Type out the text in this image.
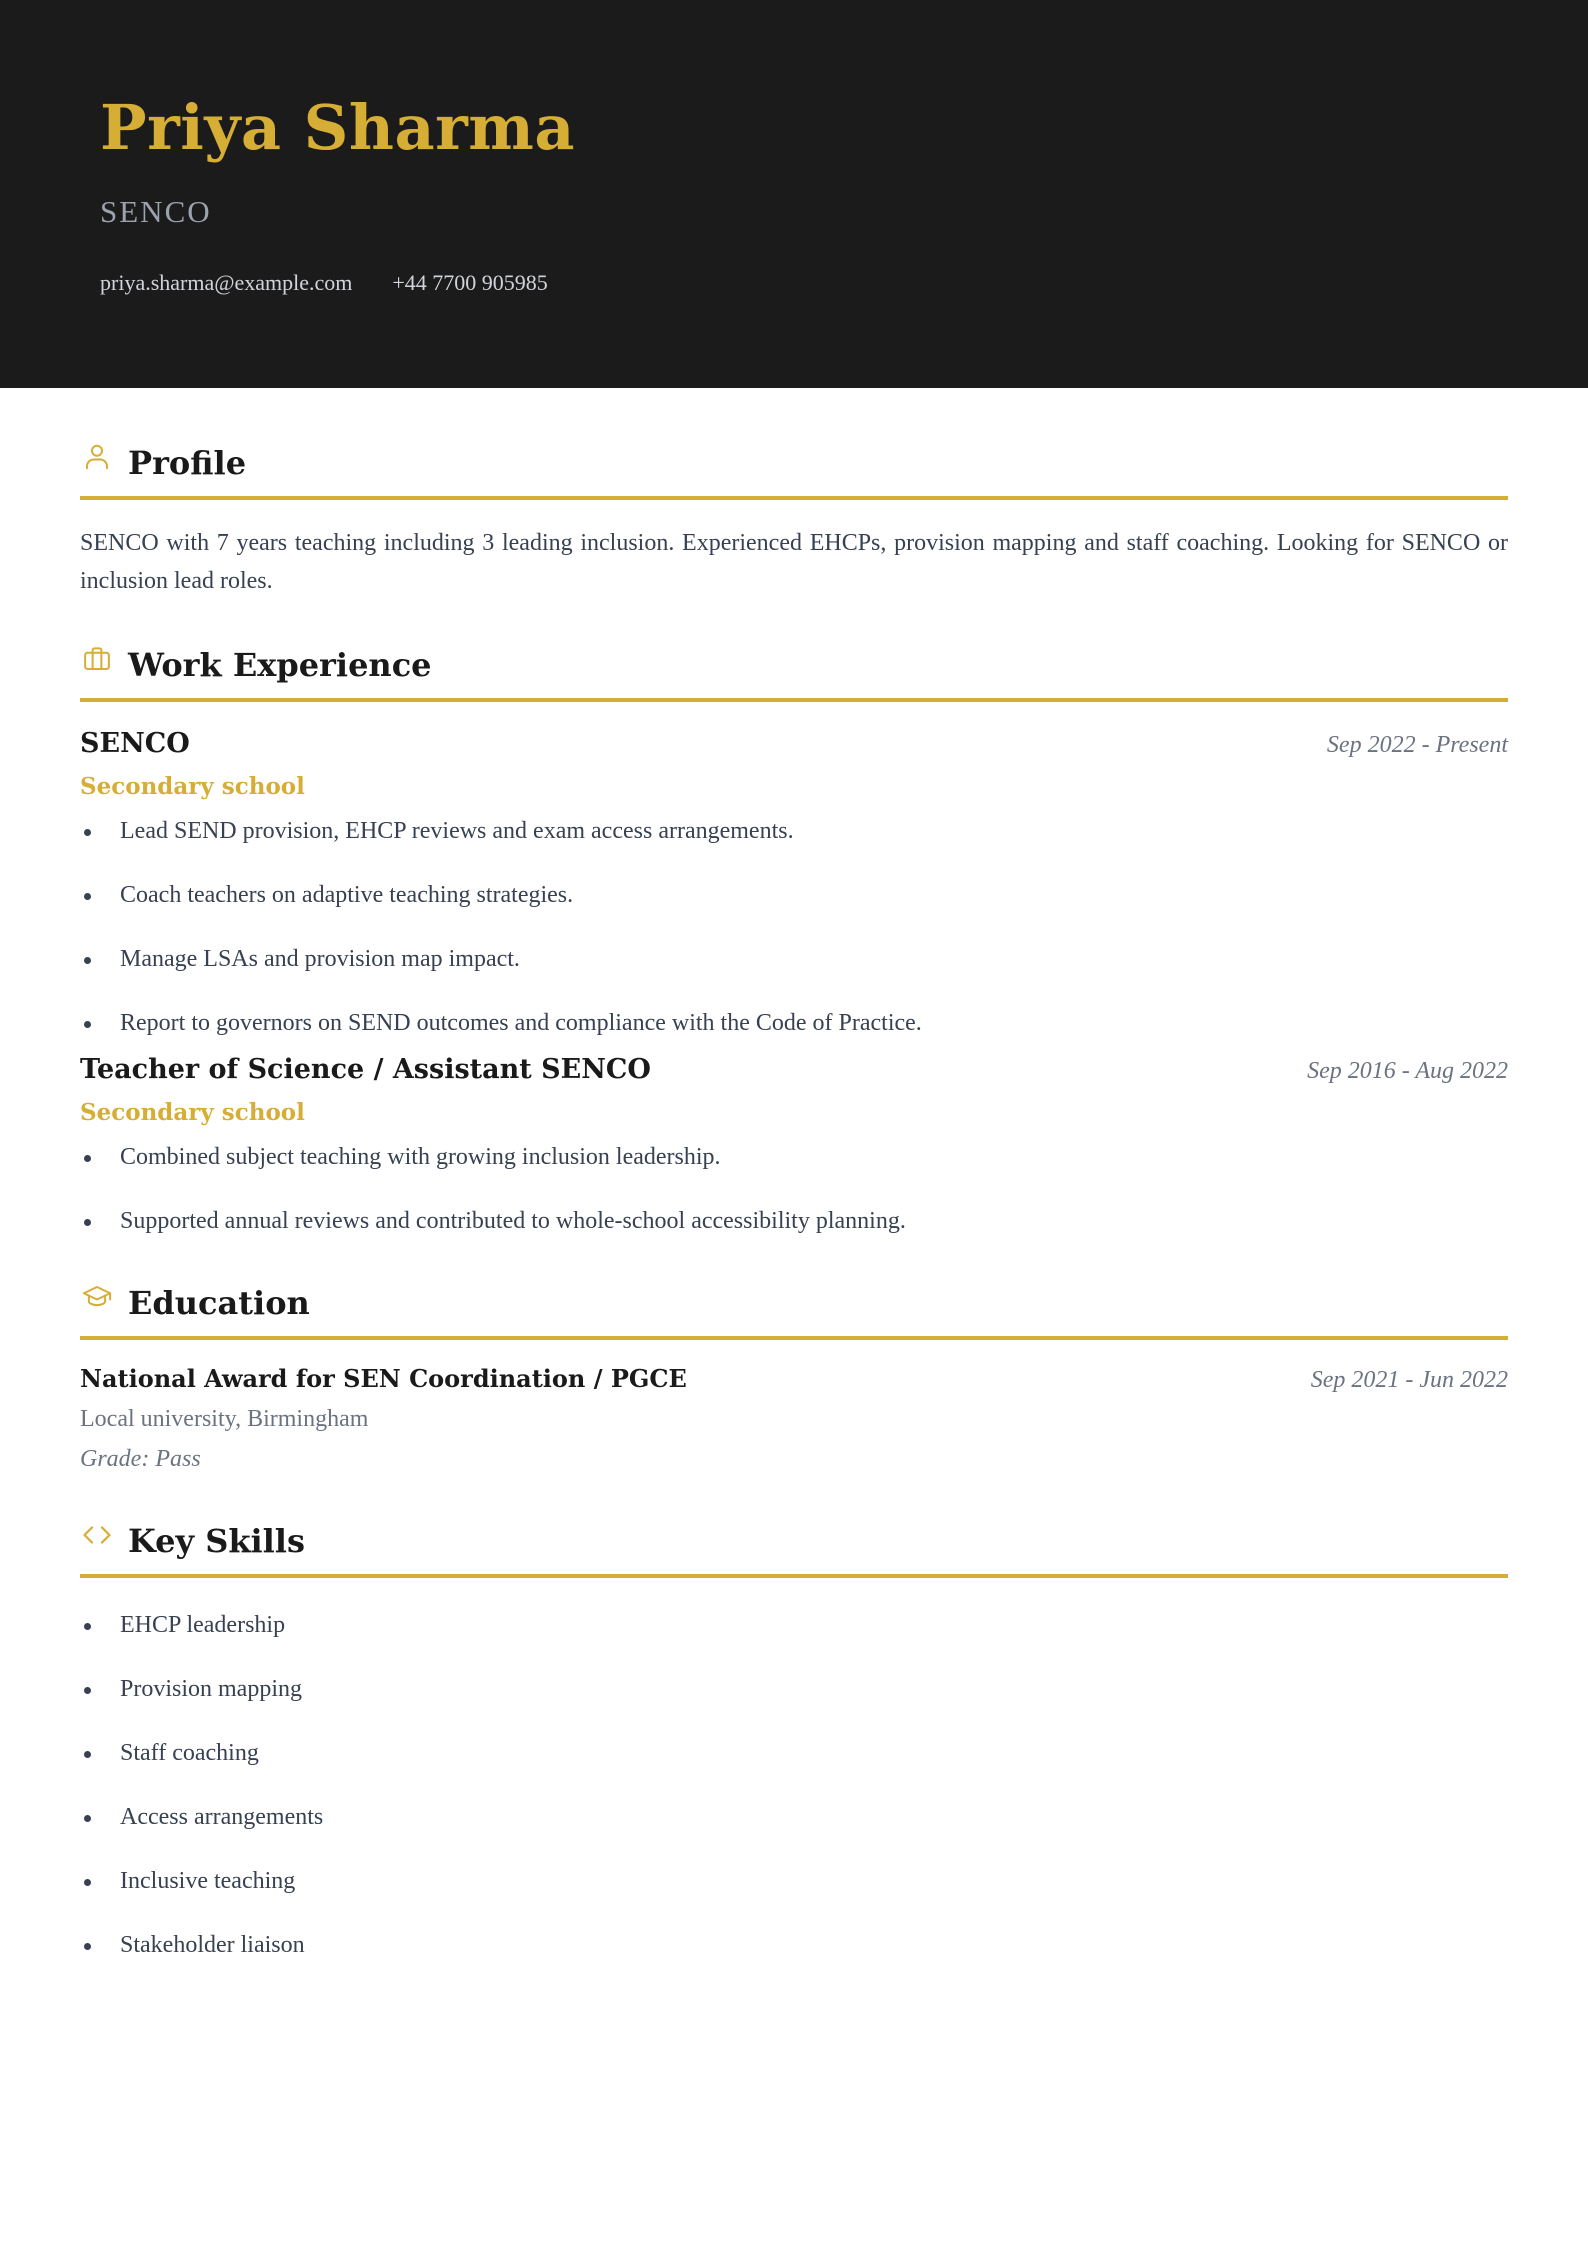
Priya Sharma
SENCO
priya.sharma@example.com +44 7700 905985
Profile

SENCO with 7 years teaching including 3 leading inclusion. Experienced EHCPs, provision mapping and staff coaching. Looking for SENCO or inclusion lead roles.

Work Experience
SENCO	Sep 2022 - Present
Secondary school
Lead SEND provision, EHCP reviews and exam access arrangements.
Coach teachers on adaptive teaching strategies.
Manage LSAs and provision map impact.
Report to governors on SEND outcomes and compliance with the Code of Practice.
Teacher of Science / Assistant SENCO	Sep 2016 - Aug 2022
Secondary school
Combined subject teaching with growing inclusion leadership.
Supported annual reviews and contributed to whole-school accessibility planning.
Education
National Award for SEN Coordination / PGCE	Sep 2021 - Jun 2022
Local university, Birmingham
Grade: Pass
Key Skills
EHCP leadership
Provision mapping
Staff coaching
Access arrangements
Inclusive teaching
Stakeholder liaison
